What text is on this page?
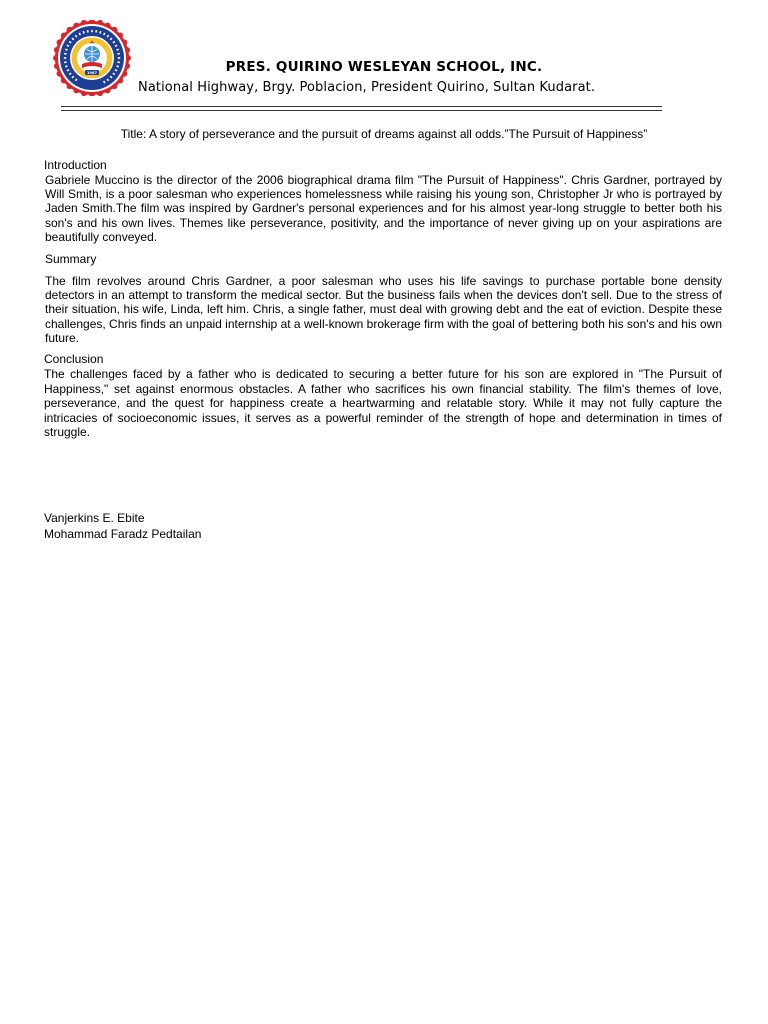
1987	PRES. QUIRINO WESLEYAN SCHOOL, INC.
National Highway, Brgy. Poblacion, President Quirino, Sultan Kudarat.
Title: A story of perseverance and the pursuit of dreams against all odds.”The Pursuit of Happiness”
Introduction
Gabriele Muccino is the director of the 2006 biographical drama film "The Pursuit of Happiness". Chris Gardner, portrayed by Will Smith, is a poor salesman who experiences homelessness while raising his young son, Christopher Jr who is portrayed by Jaden Smith.The film was inspired by Gardner's personal experiences and for his almost year-long struggle to better both his son's and his own lives. Themes like perseverance, positivity, and the importance of never giving up on your aspirations are beautifully conveyed.
Summary
The film revolves around Chris Gardner, a poor salesman who uses his life savings to purchase portable bone density detectors in an attempt to transform the medical sector. But the business fails when the devices don't sell. Due to the stress of their situation, his wife, Linda, left him. Chris, a single father, must deal with growing debt and the eat of eviction. Despite these challenges, Chris finds an unpaid internship at a well-known brokerage firm with the goal of bettering both his son's and his own future.
Conclusion
The challenges faced by a father who is dedicated to securing a better future for his son are explored in "The Pursuit of Happiness," set against enormous obstacles. A father who sacrifices his own financial stability. The film's themes of love, perseverance, and the quest for happiness create a heartwarming and relatable story. While it may not fully capture the intricacies of socioeconomic issues, it serves as a powerful reminder of the strength of hope and determination in times of struggle.
Vanjerkins E. Ebite
Mohammad Faradz Pedtailan
